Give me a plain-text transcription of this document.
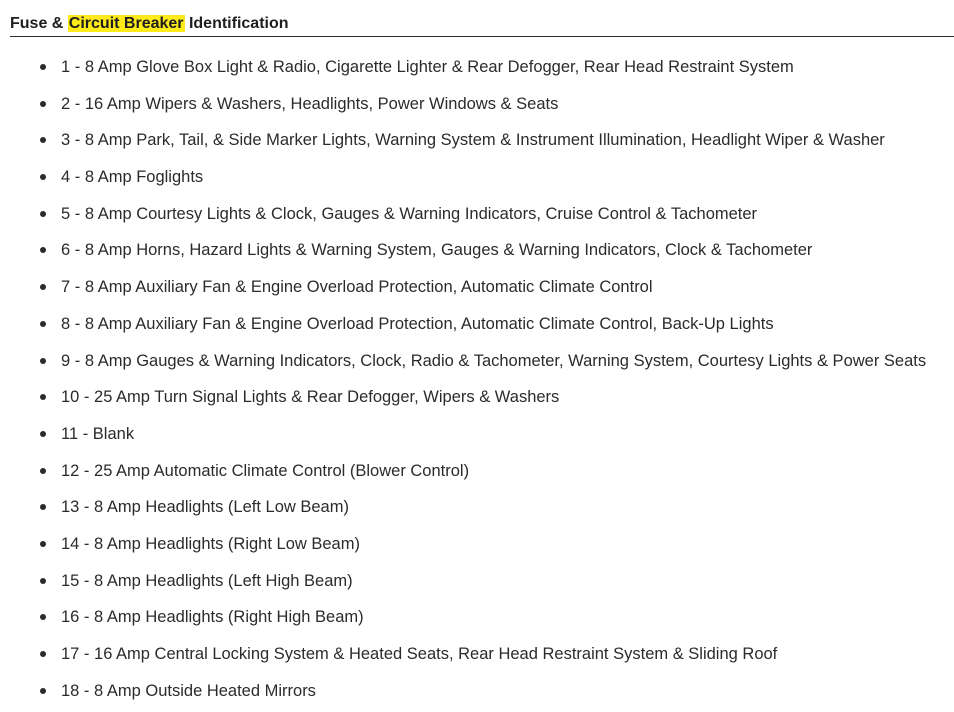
Fuse & Circuit Breaker Identification
1 - 8 Amp Glove Box Light & Radio, Cigarette Lighter & Rear Defogger, Rear Head Restraint System
2 - 16 Amp Wipers & Washers, Headlights, Power Windows & Seats
3 - 8 Amp Park, Tail, & Side Marker Lights, Warning System & Instrument Illumination, Headlight Wiper & Washer
4 - 8 Amp Foglights
5 - 8 Amp Courtesy Lights & Clock, Gauges & Warning Indicators, Cruise Control & Tachometer
6 - 8 Amp Horns, Hazard Lights & Warning System, Gauges & Warning Indicators, Clock & Tachometer
7 - 8 Amp Auxiliary Fan & Engine Overload Protection, Automatic Climate Control
8 - 8 Amp Auxiliary Fan & Engine Overload Protection, Automatic Climate Control, Back-Up Lights
9 - 8 Amp Gauges & Warning Indicators, Clock, Radio & Tachometer, Warning System, Courtesy Lights & Power Seats
10 - 25 Amp Turn Signal Lights & Rear Defogger, Wipers & Washers
11 - Blank
12 - 25 Amp Automatic Climate Control (Blower Control)
13 - 8 Amp Headlights (Left Low Beam)
14 - 8 Amp Headlights (Right Low Beam)
15 - 8 Amp Headlights (Left High Beam)
16 - 8 Amp Headlights (Right High Beam)
17 - 16 Amp Central Locking System & Heated Seats, Rear Head Restraint System & Sliding Roof
18 - 8 Amp Outside Heated Mirrors
